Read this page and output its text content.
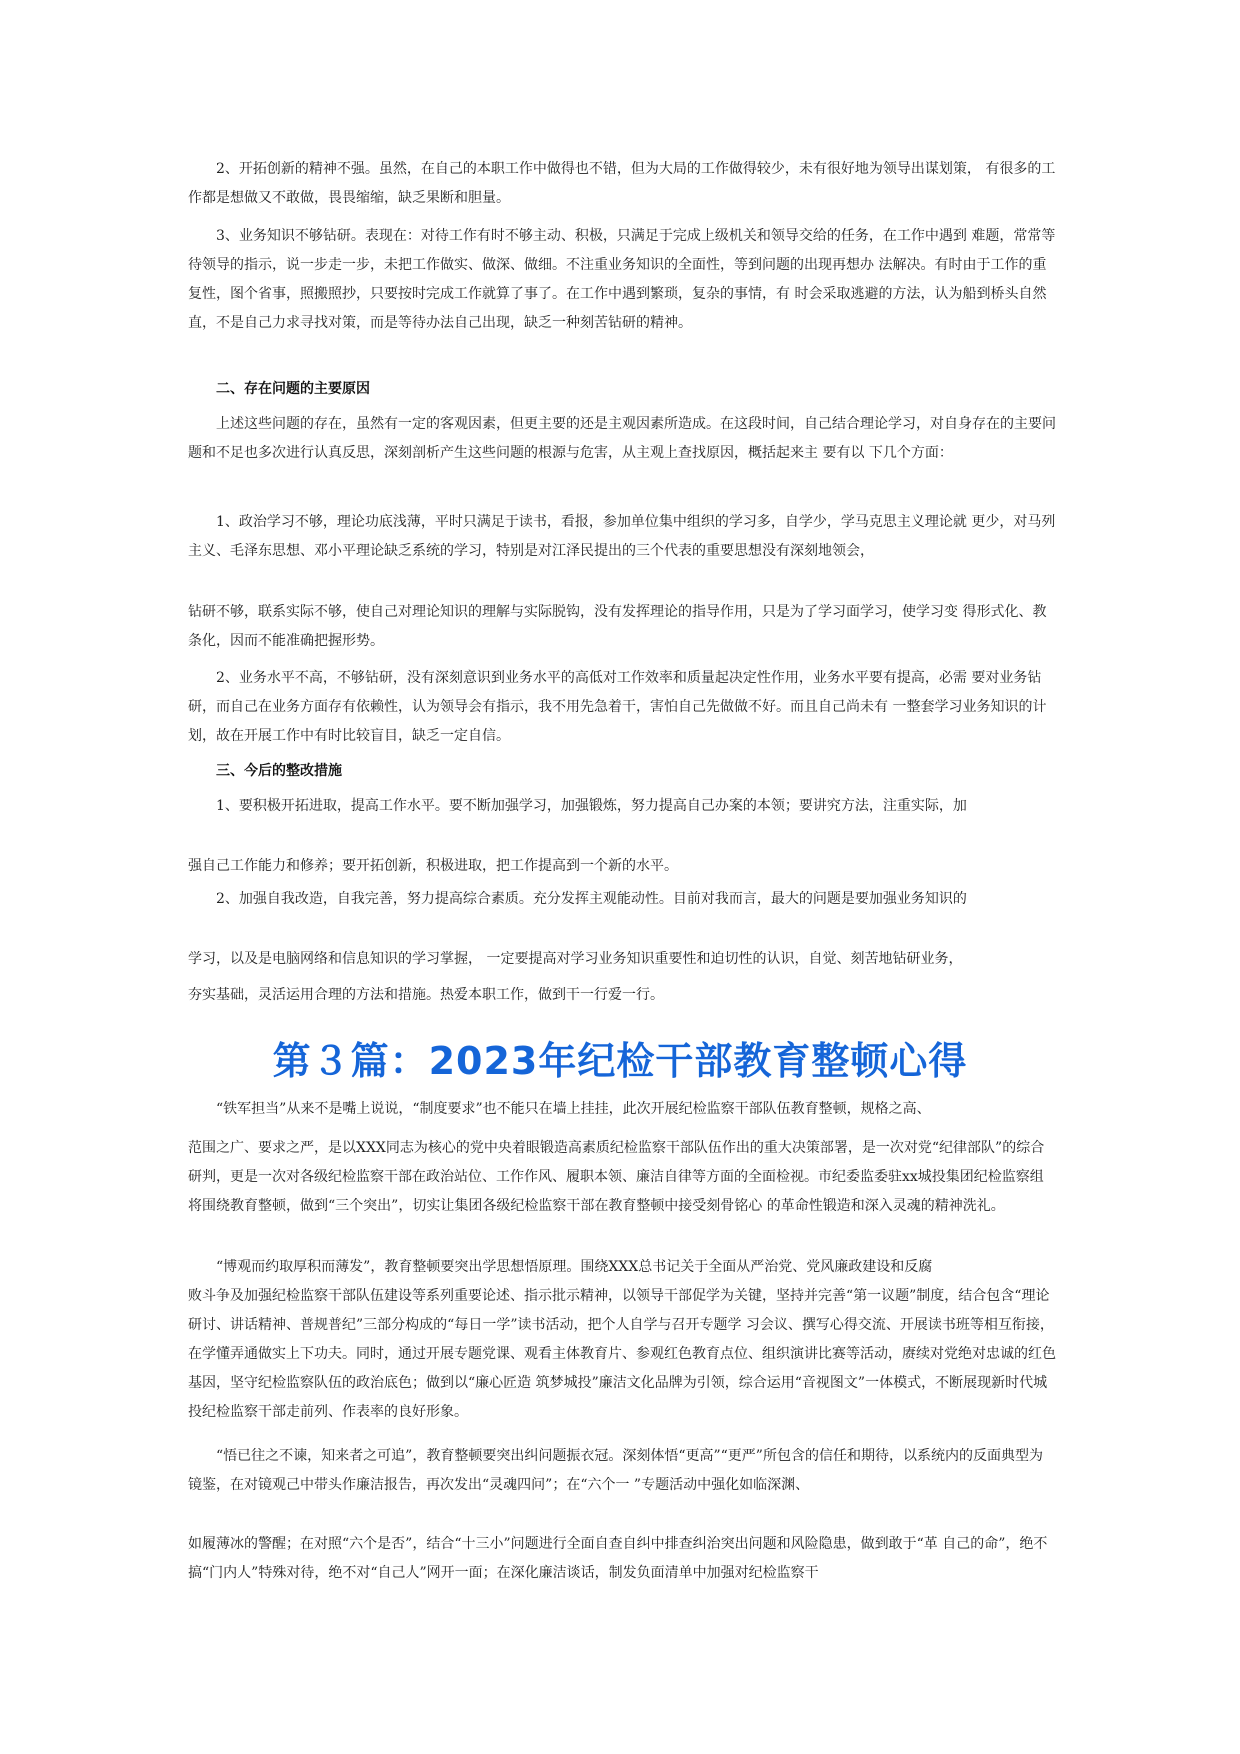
2、开拓创新的精神不强。虽然，在自己的本职工作中做得也不错，但为大局的工作做得较少，未有很好地为领导出谋划策， 有很多的工作都是想做又不敢做，畏畏缩缩，缺乏果断和胆量。

3、业务知识不够钻研。表现在：对待工作有时不够主动、积极，只满足于完成上级机关和领导交给的任务，在工作中遇到 难题，常常等待领导的指示，说一步走一步，未把工作做实、做深、做细。不注重业务知识的全面性，等到问题的出现再想办 法解决。有时由于工作的重复性，图个省事，照搬照抄，只要按时完成工作就算了事了。在工作中遇到繁琐，复杂的事情，有 时会采取逃避的方法，认为船到桥头自然直，不是自己力求寻找对策，而是等待办法自己出现，缺乏一种刻苦钻研的精神。

二、存在问题的主要原因

上述这些问题的存在，虽然有一定的客观因素，但更主要的还是主观因素所造成。在这段时间，自己结合理论学习，对自身存在的主要问题和不足也多次进行认真反思，深刻剖析产生这些问题的根源与危害，从主观上查找原因，概括起来主 要有以 下几个方面：

1、政治学习不够，理论功底浅薄，平时只满足于读书，看报，参加单位集中组织的学习多，自学少，学马克思主义理论就 更少，对马列主义、毛泽东思想、邓小平理论缺乏系统的学习，特别是对江泽民提出的三个代表的重要思想没有深刻地领会，

钻研不够，联系实际不够，使自己对理论知识的理解与实际脱钩，没有发挥理论的指导作用，只是为了学习面学习，使学习变 得形式化、教条化，因而不能准确把握形势。

2、业务水平不高，不够钻研，没有深刻意识到业务水平的高低对工作效率和质量起决定性作用，业务水平要有提高，必需 要对业务钻研，而自己在业务方面存有依赖性，认为领导会有指示，我不用先急着干，害怕自己先做做不好。而且自己尚未有 一整套学习业务知识的计划，故在开展工作中有时比较盲目，缺乏一定自信。

三、今后的整改措施

1、要积极开拓进取，提高工作水平。要不断加强学习，加强锻炼，努力提高自己办案的本领；要讲究方法，注重实际，加

强自己工作能力和修养；要开拓创新，积极进取，把工作提高到一个新的水平。

2、加强自我改造，自我完善，努力提高综合素质。充分发挥主观能动性。目前对我而言，最大的问题是要加强业务知识的

学习，以及是电脑网络和信息知识的学习掌握， 一定要提高对学习业务知识重要性和迫切性的认识，自觉、刻苦地钻研业务，

夯实基础，灵活运用合理的方法和措施。热爱本职工作，做到干一行爱一行。

第３篇：2023年纪检干部教育整顿心得

“铁军担当”从来不是嘴上说说，“制度要求”也不能只在墙上挂挂，此次开展纪检监察干部队伍教育整顿，规格之高、

范围之广、要求之严，是以XXX同志为核心的党中央着眼锻造高素质纪检监察干部队伍作出的重大决策部署，是一次对党“纪律部队”的综合研判，更是一次对各级纪检监察干部在政治站位、工作作风、履职本领、廉洁自律等方面的全面检视。市纪委监委驻xx城投集团纪检监察组将围绕教育整顿，做到“三个突出”，切实让集团各级纪检监察干部在教育整顿中接受刻骨铭心 的革命性锻造和深入灵魂的精神洗礼。

“博观而约取厚积而薄发”，教育整顿要突出学思想悟原理。围绕XXX总书记关于全面从严治党、党风廉政建设和反腐

败斗争及加强纪检监察干部队伍建设等系列重要论述、指示批示精神，以领导干部促学为关键，坚持并完善“第一议题”制度，结合包含“理论研讨、讲话精神、普规普纪”三部分构成的“每日一学”读书活动，把个人自学与召开专题学 习会议、撰写心得交流、开展读书班等相互衔接，在学懂弄通做实上下功夫。同时，通过开展专题党课、观看主体教育片、参观红色教育点位、组织演讲比赛等活动，赓续对党绝对忠诚的红色基因，坚守纪检监察队伍的政治底色；做到以“廉心匠造 筑梦城投”廉洁文化品牌为引领，综合运用“音视图文”一体模式，不断展现新时代城投纪检监察干部走前列、作表率的良好形象。

“悟已往之不谏，知来者之可追”，教育整顿要突出纠问题振衣冠。深刻体悟“更高”“更严”所包含的信任和期待，以系统内的反面典型为镜鉴，在对镜观己中带头作廉洁报告，再次发出“灵魂四问”；在“六个一 ”专题活动中强化如临深渊、

如履薄冰的警醒；在对照“六个是否”，结合“十三小”问题进行全面自查自纠中排查纠治突出问题和风险隐患，做到敢于“革 自己的命”，绝不搞“门内人”特殊对待，绝不对“自己人”网开一面；在深化廉洁谈话，制发负面清单中加强对纪检监察干
